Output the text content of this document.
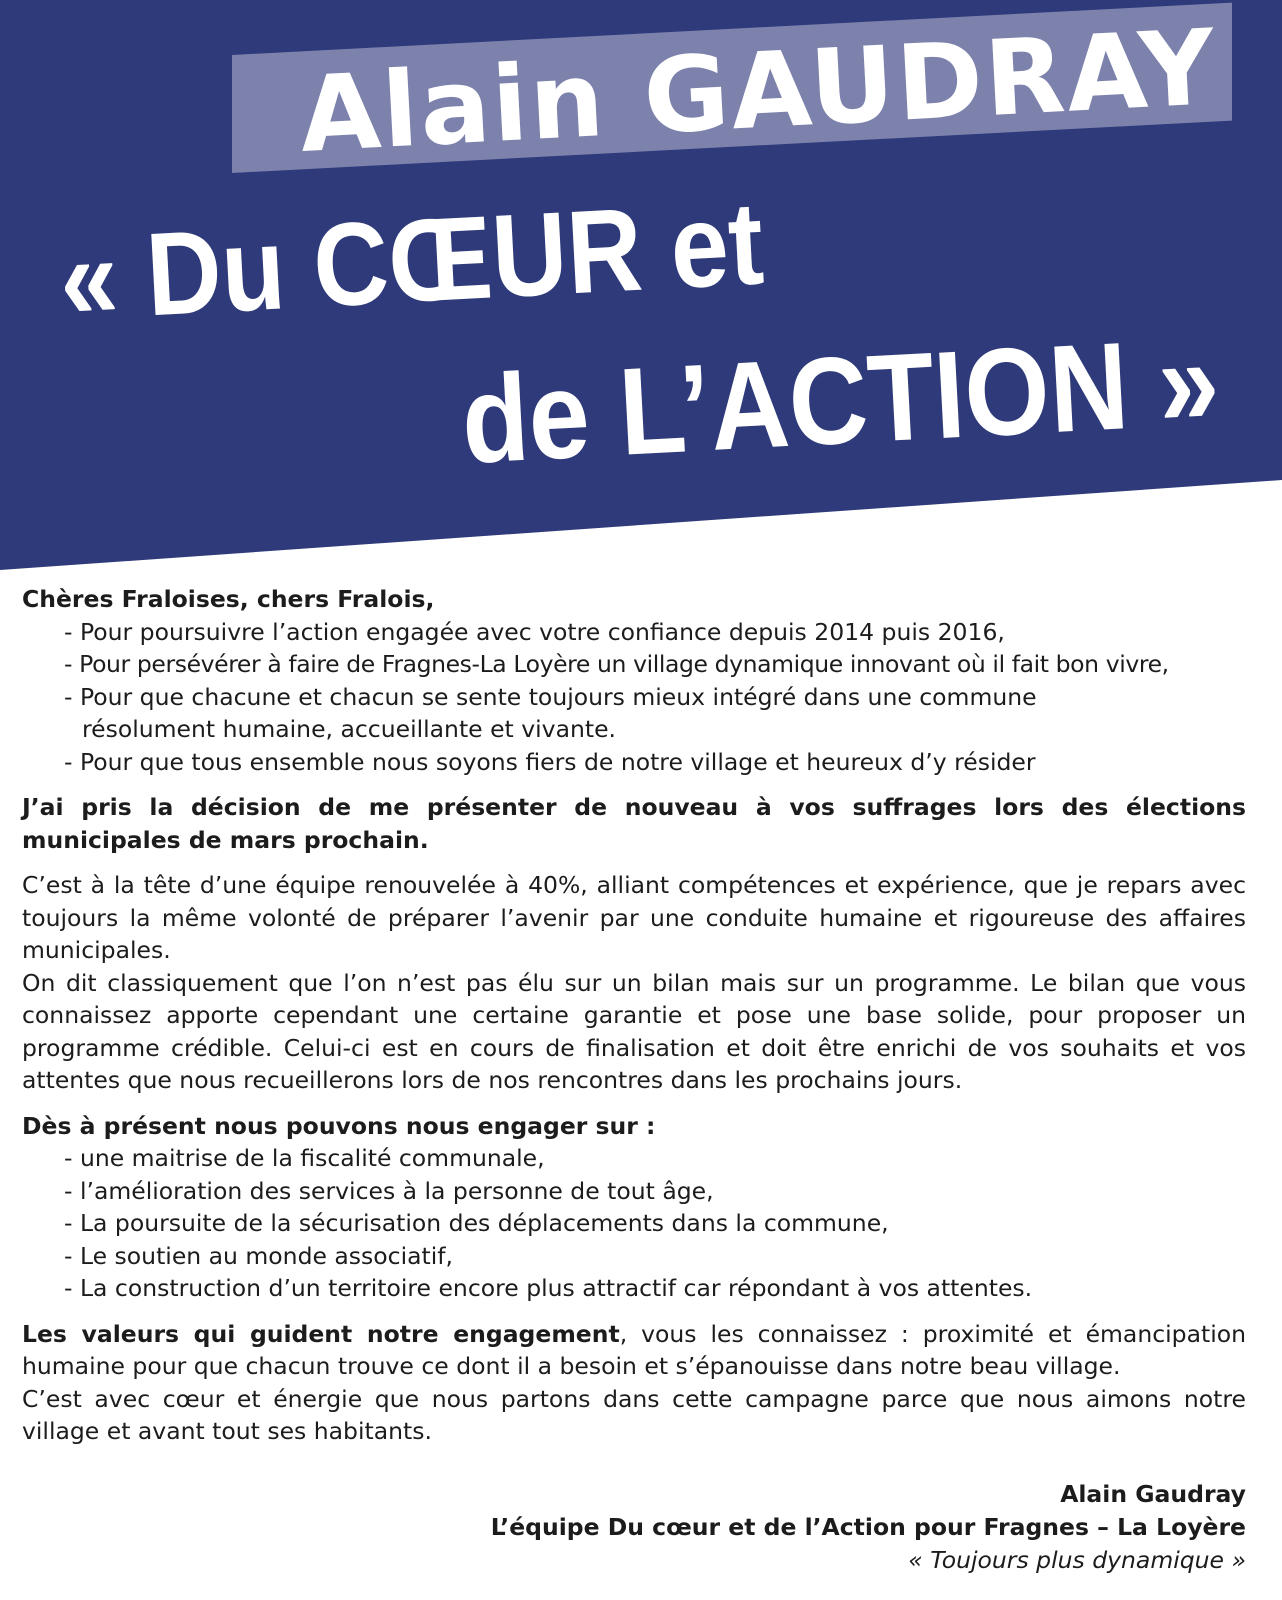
Alain GAUDRAY
« Du CŒUR et
de L’ACTION »

Chères Fraloises, chers Fralois,

- Pour poursuivre l’action engagée avec votre confiance depuis 2014 puis 2016,

- Pour persévérer à faire de Fragnes-La Loyère un village dynamique innovant où il fait bon vivre,

- Pour que chacune et chacun se sente toujours mieux intégré dans une commune

résolument humaine, accueillante et vivante.

- Pour que tous ensemble nous soyons fiers de notre village et heureux d’y résider

J’ai pris la décision de me présenter de nouveau à vos suffrages lors des élections municipales de mars prochain.

C’est à la tête d’une équipe renouvelée à 40%, alliant compétences et expérience, que je repars avec toujours la même volonté de préparer l’avenir par une conduite humaine et rigoureuse des affaires municipales.

On dit classiquement que l’on n’est pas élu sur un bilan mais sur un programme. Le bilan que vous connaissez apporte cependant une certaine garantie et pose une base solide, pour proposer un programme crédible. Celui-ci est en cours de finalisation et doit être enrichi de vos souhaits et vos attentes que nous recueillerons lors de nos rencontres dans les prochains jours.

Dès à présent nous pouvons nous engager sur :

- une maitrise de la fiscalité communale,

- l’amélioration des services à la personne de tout âge,

- La poursuite de la sécurisation des déplacements dans la commune,

- Le soutien au monde associatif,

- La construction d’un territoire encore plus attractif car répondant à vos attentes.

Les valeurs qui guident notre engagement, vous les connaissez : proximité et émancipation humaine pour que chacun trouve ce dont il a besoin et s’épanouisse dans notre beau village.

C’est avec cœur et énergie que nous partons dans cette campagne parce que nous aimons notre village et avant tout ses habitants.

Alain Gaudray

L’équipe Du cœur et de l’Action pour Fragnes – La Loyère

« Toujours plus dynamique »
